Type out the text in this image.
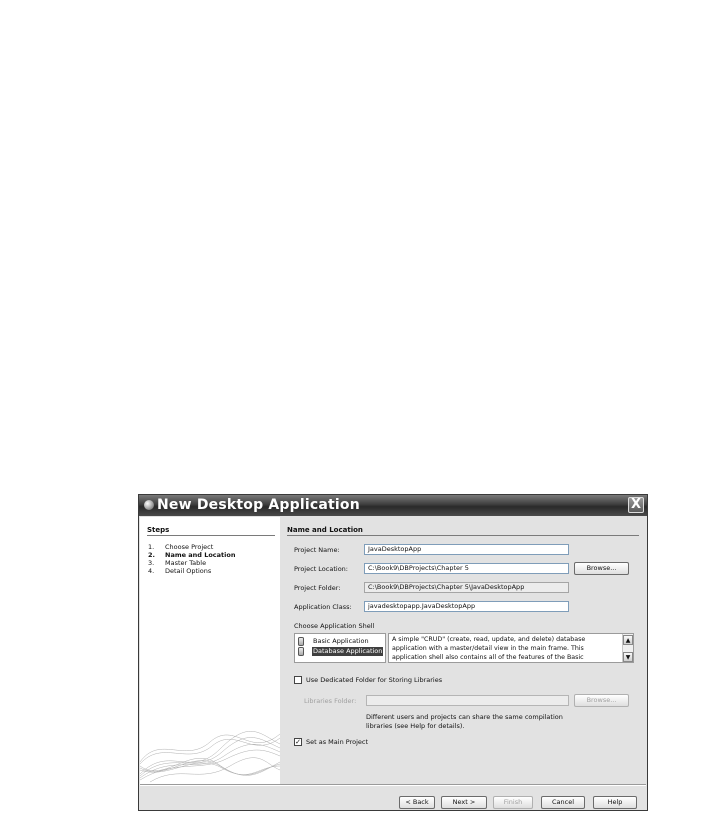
New Desktop Application	X
Steps
1. Choose Project
2. Name and Location
3. Master Table
4. Detail Options
Name and Location
Project Name:	JavaDesktopApp
Project Location:	C:\Book9\DBProjects\Chapter 5	Browse...
Project Folder:	C:\Book9\DBProjects\Chapter 5\JavaDesktopApp
Application Class:	javadesktopapp.JavaDesktopApp
Choose Application Shell
Basic Application
Database Application
A simple "CRUD" (create, read, update, and delete) database application with a master/detail view in the main frame. This application shell also contains all of the features of the Basic
▲
▼
Use Dedicated Folder for Storing Libraries
Libraries Folder:	Browse...
Different users and projects can share the same compilation libraries (see Help for details).
✓ Set as Main Project
< Back	Next >	Finish	Cancel	Help
